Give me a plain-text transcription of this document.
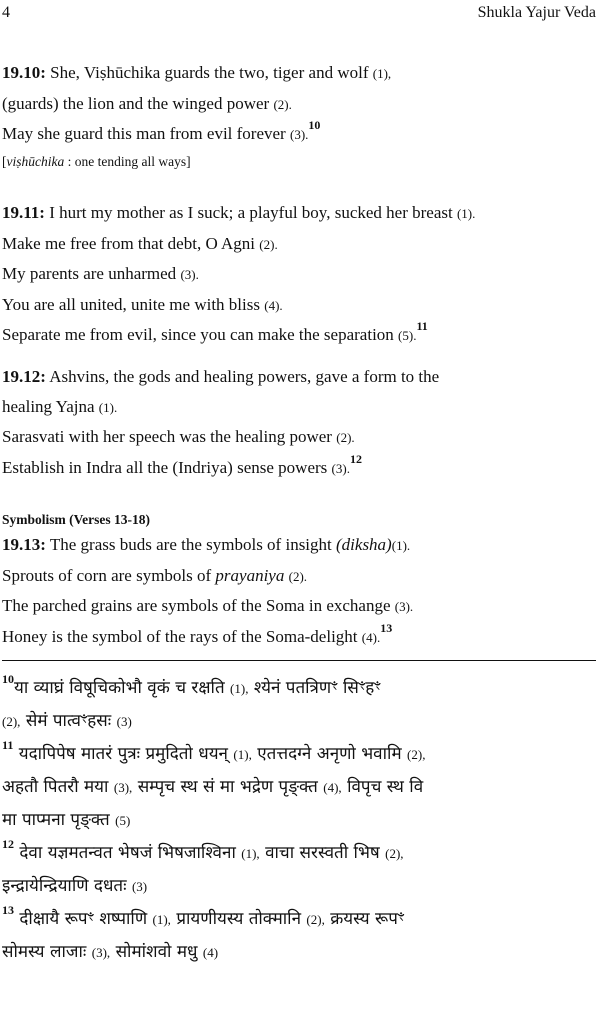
4	Shukla Yajur Veda
19.10: She, Viṣhūchika guards the two, tiger and wolf (1),
(guards) the lion and the winged power (2).
May she guard this man from evil forever (3).$^{10}$
[viṣhūchika : one tending all ways]
19.11: I hurt my mother as I suck; a playful boy, sucked her breast (1).
Make me free from that debt, O Agni (2).
My parents are unharmed (3).
You are all united, unite me with bliss (4).
Separate me from evil, since you can make the separation (5).$^{11}$
19.12: Ashvins, the gods and healing powers, gave a form to the
healing Yajna (1).
Sarasvati with her speech was the healing power (2).
Establish in Indra all the (Indriya) sense powers (3).$^{12}$
Symbolism (Verses 13-18)
19.13: The grass buds are the symbols of insight (diksha)(1).
Sprouts of corn are symbols of prayaniya (2).
The parched grains are symbols of the Soma in exchange (3).
Honey is the symbol of the rays of the Soma-delight (4).$^{13}$
$^{10}$या व्याघ्रं विषूचिकोभौ वृकं च रक्षति (1), श्येनं पतत्रिणꣳ सिꣳहꣳ
(2), सेमं पात्वꣳहसः (3)
$^{11}$ यदापिपेष मातरं पुत्रः प्रमुदितो धयन् (1), एतत्तदग्ने अनृणो भवामि (2),
अहतौ पितरौ मया (3), सम्पृच स्थ सं मा भद्रेण पृङ्क्त (4), विपृच स्थ वि
मा पाप्मना पृङ्क्त (5)
$^{12}$ देवा यज्ञमतन्वत भेषजं भिषजाश्विना (1), वाचा सरस्वती भिष (2),
इन्द्रायेन्द्रियाणि दधतः (3)
$^{13}$ दीक्षायै रूपꣳ शष्पाणि (1), प्रायणीयस्य तोक्मानि (2), क्रयस्य रूपꣳ
सोमस्य लाजाः (3), सोमांशवो मधु (4)
